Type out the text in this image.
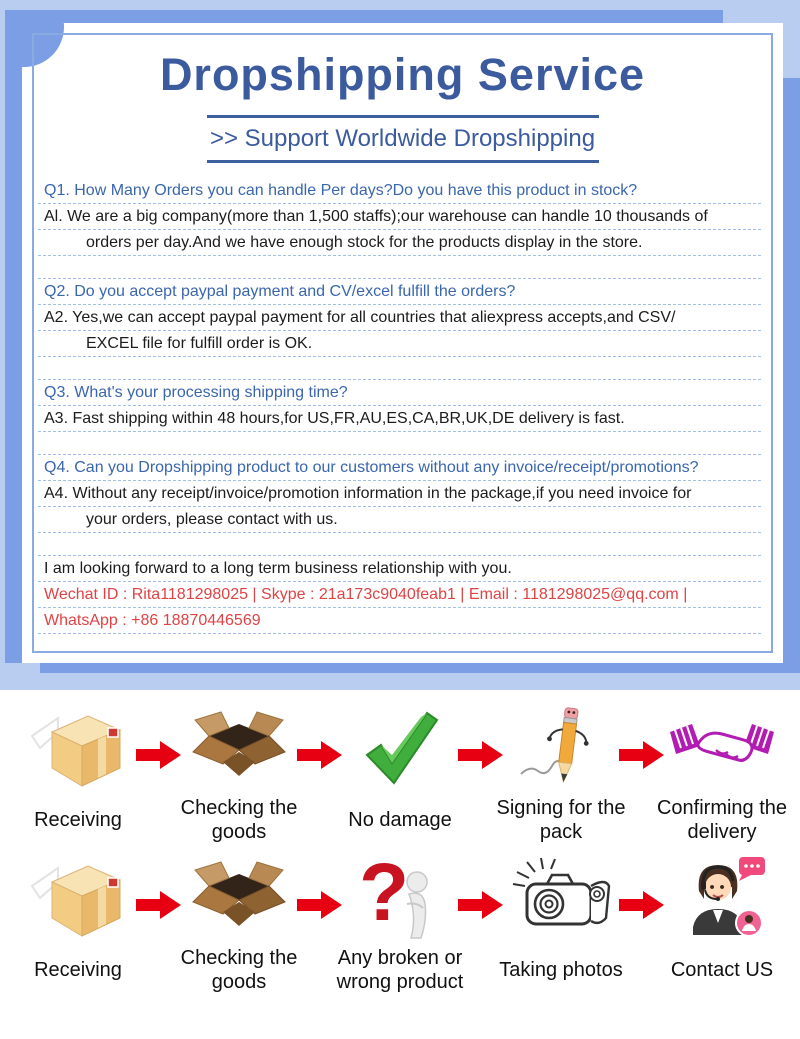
Dropshipping Service
>> Support Worldwide Dropshipping
Q1. How Many Orders you can handle Per days?Do you have this product in stock?
Al. We are a big company(more than 1,500 staffs);our warehouse can handle 10 thousands of
orders per day.And we have enough stock for the products display in the store.
Q2. Do you accept paypal payment and CV/excel fulfill the orders?
A2. Yes,we can accept paypal payment for all countries that aliexpress accepts,and CSV/
EXCEL file for fulfill order is OK.
Q3. What's your processing shipping time?
A3. Fast shipping within 48 hours,for US,FR,AU,ES,CA,BR,UK,DE delivery is fast.
Q4. Can you Dropshipping product to our customers without any invoice/receipt/promotions?
A4. Without any receipt/invoice/promotion information in the package,if you need invoice for
your orders, please contact with us.
I am looking forward to a long term business relationship with you.
Wechat ID : Rita1181298025 | Skype : 21a173c9040feab1 | Email : 1181298025@qq.com |
WhatsApp : +86 18870446569
Receiving
Checking the goods
No damage
Signing for the pack
Confirming the delivery
Receiving
Checking the goods
?
Any broken or wrong product
Taking photos	Contact US
